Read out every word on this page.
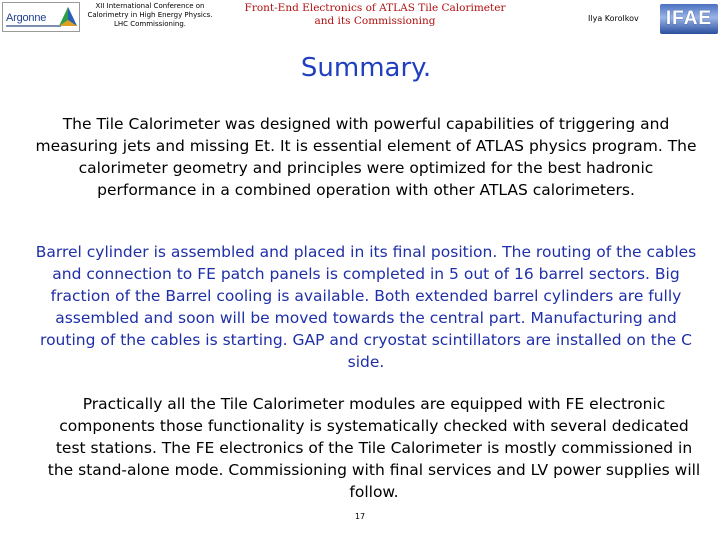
Argonne
XII International Conference on Calorimetry in High Energy Physics. LHC Commissioning.
Front-End Electronics of ATLAS Tile Calorimeter and its Commissioning	Ilya Korolkov	IFAE
Summary.

The Tile Calorimeter was designed with powerful capabilities of triggering and measuring jets and missing Et. It is essential element of ATLAS physics program. The calorimeter geometry and principles were optimized for the best hadronic performance in a combined operation with other ATLAS calorimeters.

Barrel cylinder is assembled and placed in its final position. The routing of the cables and connection to FE patch panels is completed in 5 out of 16 barrel sectors. Big fraction of the Barrel cooling is available. Both extended barrel cylinders are fully assembled and soon will be moved towards the central part. Manufacturing and routing of the cables is starting. GAP and cryostat scintillators are installed on the C side.

Practically all the Tile Calorimeter modules are equipped with FE electronic components those functionality is systematically checked with several dedicated test stations. The FE electronics of the Tile Calorimeter is mostly commissioned in the stand-alone mode. Commissioning with final services and LV power supplies will follow.

17
